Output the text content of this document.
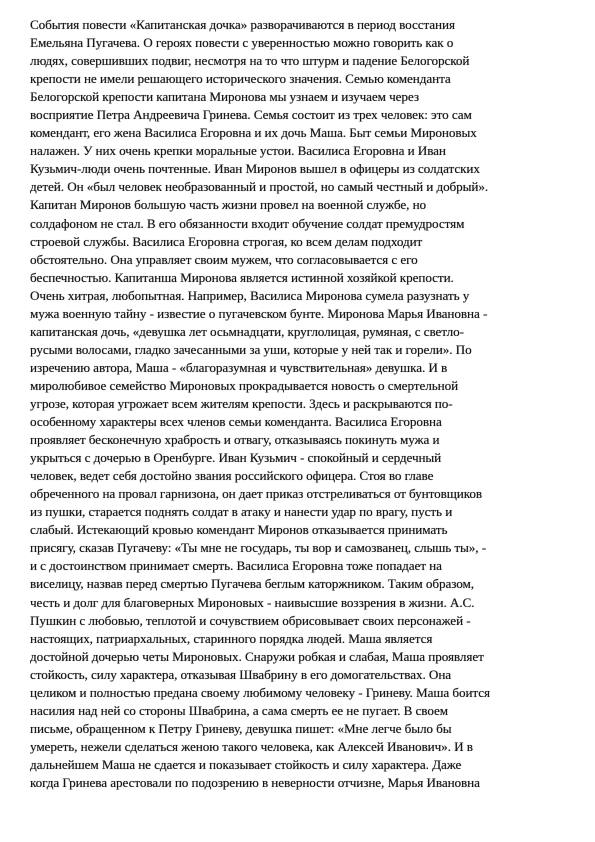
События повести «Капитанская дочка» разворачиваются в период восстания
Емельяна Пугачева. О героях повести с уверенностью можно говорить как о
людях, совершивших подвиг, несмотря на то что штурм и падение Белогорской
крепости не имели решающего исторического значения. Семью коменданта
Белогорской крепости капитана Миронова мы узнаем и изучаем через
восприятие Петра Андреевича Гринева. Семья состоит из трех человек: это сам
комендант, его жена Василиса Егоровна и их дочь Маша. Быт семьи Мироновых
налажен. У них очень крепки моральные устои. Василиса Егоровна и Иван
Кузьмич-люди очень почтенные. Иван Миронов вышел в офицеры из солдатских
детей. Он «был человек необразованный и простой, но самый честный и добрый».
Капитан Миронов большую часть жизни провел на военной службе, но
солдафоном не стал. В его обязанности входит обучение солдат премудростям
строевой службы. Василиса Егоровна строгая, ко всем делам подходит
обстоятельно. Она управляет своим мужем, что согласовывается с его
беспечностью. Капитанша Миронова является истинной хозяйкой крепости.
Очень хитрая, любопытная. Например, Василиса Миронова сумела разузнать у
мужа военную тайну - известие о пугачевском бунте. Миронова Марья Ивановна -
капитанская дочь, «девушка лет осьмнадцати, круглолицая, румяная, с светло-
русыми волосами, гладко зачесанными за уши, которые у ней так и горели». По
изречению автора, Маша - «благоразумная и чувствительная» девушка. И в
миролюбивое семейство Мироновых прокрадывается новость о смертельной
угрозе, которая угрожает всем жителям крепости. Здесь и раскрываются по-
особенному характеры всех членов семьи коменданта. Василиса Егоровна
проявляет бесконечную храбрость и отвагу, отказываясь покинуть мужа и
укрыться с дочерью в Оренбурге. Иван Кузьмич - спокойный и сердечный
человек, ведет себя достойно звания российского офицера. Стоя во главе
обреченного на провал гарнизона, он дает приказ отстреливаться от бунтовщиков
из пушки, старается поднять солдат в атаку и нанести удар по врагу, пусть и
слабый. Истекающий кровью комендант Миронов отказывается принимать
присягу, сказав Пугачеву: «Ты мне не государь, ты вор и самозванец, слышь ты», -
и с достоинством принимает смерть. Василиса Егоровна тоже попадает на
виселицу, назвав перед смертью Пугачева беглым каторжником. Таким образом,
честь и долг для благоверных Мироновых - наивысшие воззрения в жизни. А.С.
Пушкин с любовью, теплотой и сочувствием обрисовывает своих персонажей -
настоящих, патриархальных, старинного порядка людей. Маша является
достойной дочерью четы Мироновых. Снаружи робкая и слабая, Маша проявляет
стойкость, силу характера, отказывая Швабрину в его домогательствах. Она
целиком и полностью предана своему любимому человеку - Гриневу. Маша боится
насилия над ней со стороны Швабрина, а сама смерть ее не пугает. В своем
письме, обращенном к Петру Гриневу, девушка пишет: «Мне легче было бы
умереть, нежели сделаться женою такого человека, как Алексей Иванович». И в
дальнейшем Маша не сдается и показывает стойкость и силу характера. Даже
когда Гринева арестовали по подозрению в неверности отчизне, Марья Ивановна
